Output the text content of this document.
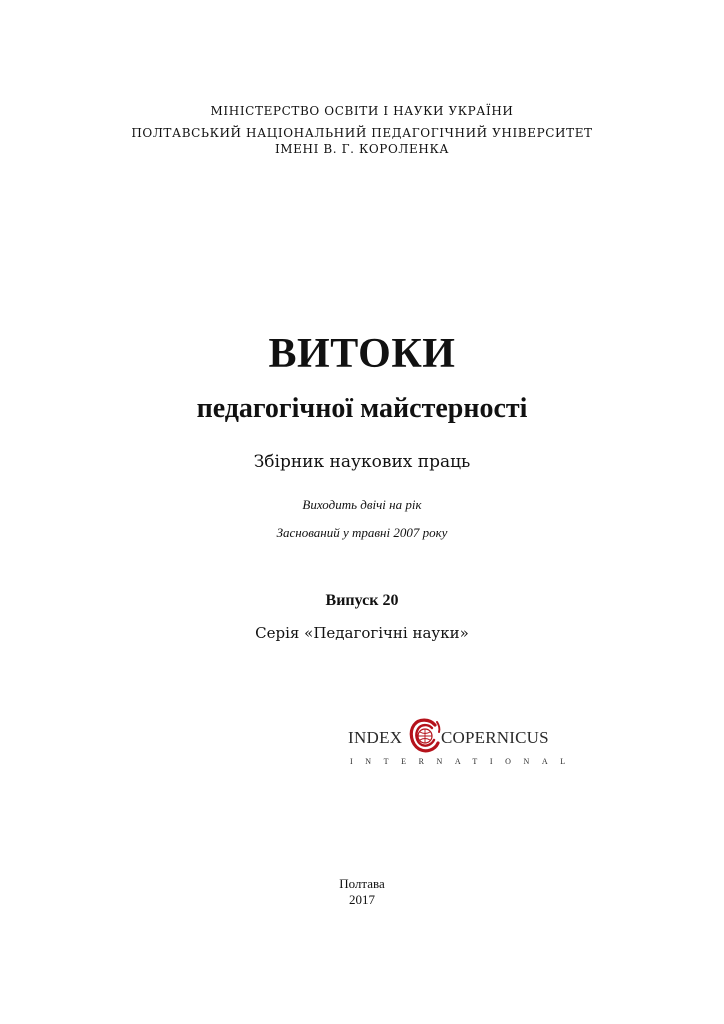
МІНІСТЕРСТВО ОСВІТИ І НАУКИ УКРАЇНИ
ПОЛТАВСЬКИЙ НАЦІОНАЛЬНИЙ ПЕДАГОГІЧНИЙ УНІВЕРСИТЕТ
ІМЕНІ В. Г. КОРОЛЕНКА
ВИТОКИ
педагогічної майстерності
Збірник наукових праць
Виходить двічі на рік
Заснований у травні 2007 року
Випуск 20
Серія «Педагогічні науки»
INDEX COPERNICUS
INTERNATIONAL
Полтава
2017
